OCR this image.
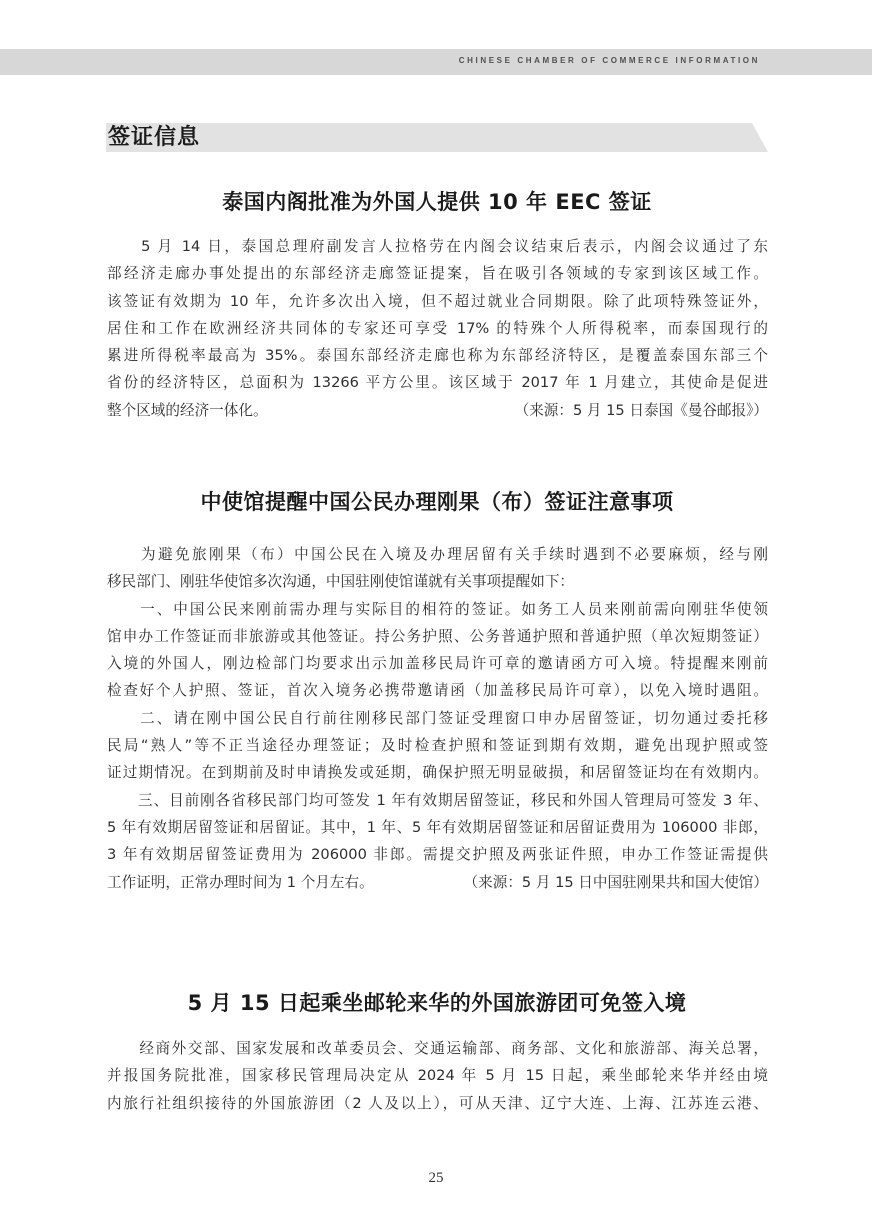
CHINESE CHAMBER OF COMMERCE INFORMATION
签证信息
泰国内阁批准为外国人提供 10 年 EEC 签证
　　5 月 14 日，泰国总理府副发言人拉格劳在内阁会议结束后表示，内阁会议通过了东
部经济走廊办事处提出的东部经济走廊签证提案，旨在吸引各领域的专家到该区域工作。
该签证有效期为 10 年，允许多次出入境，但不超过就业合同期限。除了此项特殊签证外，
居住和工作在欧洲经济共同体的专家还可享受 17% 的特殊个人所得税率，而泰国现行的
累进所得税率最高为 35%。泰国东部经济走廊也称为东部经济特区，是覆盖泰国东部三个
省份的经济特区，总面积为 13266 平方公里。该区域于 2017 年 1 月建立，其使命是促进
整个区域的经济一体化。	（来源：5 月 15 日泰国《曼谷邮报》）
中使馆提醒中国公民办理刚果（布）签证注意事项
　　为避免旅刚果（布）中国公民在入境及办理居留有关手续时遇到不必要麻烦，经与刚
移民部门、刚驻华使馆多次沟通，中国驻刚使馆谨就有关事项提醒如下：
　　一、中国公民来刚前需办理与实际目的相符的签证。如务工人员来刚前需向刚驻华使领
馆申办工作签证而非旅游或其他签证。持公务护照、公务普通护照和普通护照（单次短期签证）
入境的外国人，刚边检部门均要求出示加盖移民局许可章的邀请函方可入境。特提醒来刚前
检查好个人护照、签证，首次入境务必携带邀请函（加盖移民局许可章），以免入境时遇阻。
　　二、请在刚中国公民自行前往刚移民部门签证受理窗口申办居留签证，切勿通过委托移
民局“熟人”等不正当途径办理签证；及时检查护照和签证到期有效期，避免出现护照或签
证过期情况。在到期前及时申请换发或延期，确保护照无明显破损，和居留签证均在有效期内。
　　三、目前刚各省移民部门均可签发 1 年有效期居留签证，移民和外国人管理局可签发 3 年、
5 年有效期居留签证和居留证。其中，1 年、5 年有效期居留签证和居留证费用为 106000 非郎，
3 年有效期居留签证费用为 206000 非郎。需提交护照及两张证件照，申办工作签证需提供
工作证明，正常办理时间为 1 个月左右。	（来源：5 月 15 日中国驻刚果共和国大使馆）
5 月 15 日起乘坐邮轮来华的外国旅游团可免签入境
　　经商外交部、国家发展和改革委员会、交通运输部、商务部、文化和旅游部、海关总署，
并报国务院批准，国家移民管理局决定从 2024 年 5 月 15 日起，乘坐邮轮来华并经由境
内旅行社组织接待的外国旅游团（2 人及以上），可从天津、辽宁大连、上海、江苏连云港、
25
